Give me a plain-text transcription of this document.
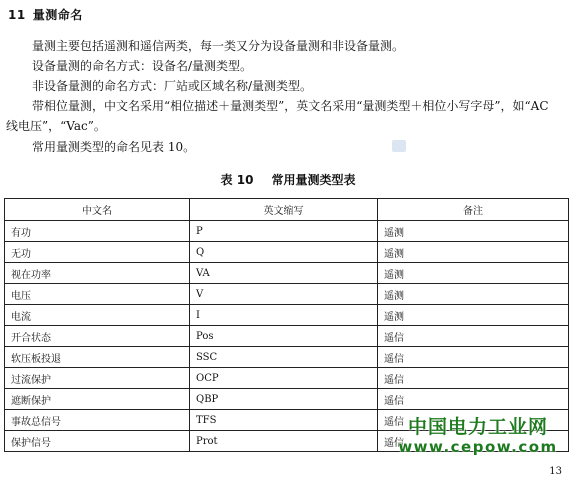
11 量测命名
量测主要包括遥测和遥信两类，每一类又分为设备量测和非设备量测。
设备量测的命名方式：设备名/量测类型。
非设备量测的命名方式：厂站或区域名称/量测类型。
带相位量测，中文名采用“相位描述＋量测类型”，英文名采用“量测类型＋相位小写字母”，如“AC
线电压”，“Vac”。
常用量测类型的命名见表 10。
表 10 常用量测类型表
中文名	英文缩写	备注
有功	P	遥测
无功	Q	遥测
视在功率	VA	遥测
电压	V	遥测
电流	I	遥测
开合状态	Pos	遥信
软压板投退	SSC	遥信
过流保护	OCP	遥信
遮断保护	QBP	遥信
事故总信号	TFS	遥信
保护信号	Prot	遥信
中国电力工业网
www.cepow.com
13
